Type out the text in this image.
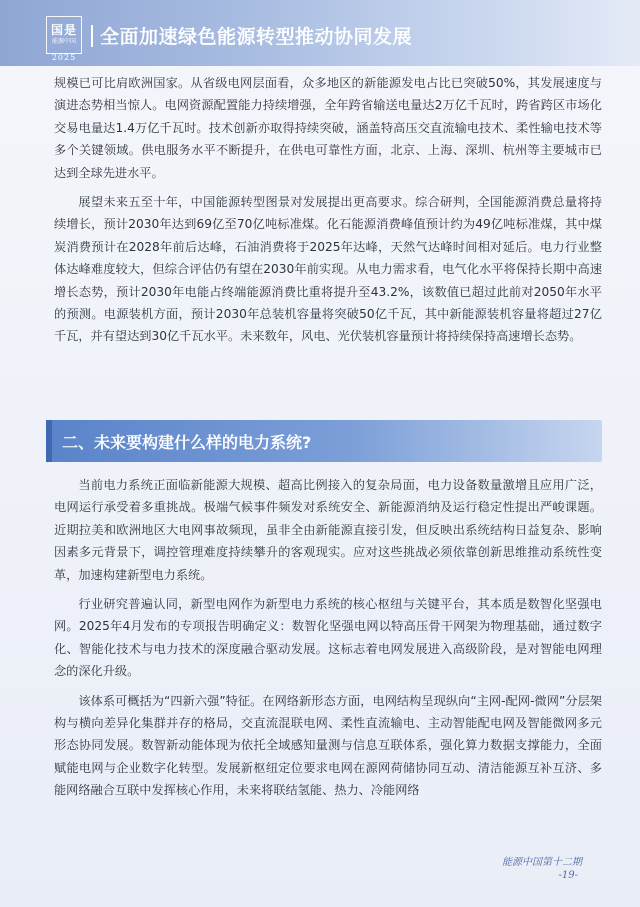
国是
能源中国
2025
全面加速绿色能源转型推动协同发展

规模已可比肩欧洲国家。从省级电网层面看，众多地区的新能源发电占比已突破50%，其发展速度与演进态势相当惊人。电网资源配置能力持续增强，全年跨省输送电量达2万亿千瓦时，跨省跨区市场化交易电量达1.4万亿千瓦时。技术创新亦取得持续突破，涵盖特高压交直流输电技术、柔性输电技术等多个关键领域。供电服务水平不断提升，在供电可靠性方面，北京、上海、深圳、杭州等主要城市已达到全球先进水平。

展望未来五至十年，中国能源转型图景对发展提出更高要求。综合研判，全国能源消费总量将持续增长，预计2030年达到69亿至70亿吨标准煤。化石能源消费峰值预计约为49亿吨标准煤，其中煤炭消费预计在2028年前后达峰，石油消费将于2025年达峰，天然气达峰时间相对延后。电力行业整体达峰难度较大，但综合评估仍有望在2030年前实现。从电力需求看，电气化水平将保持长期中高速增长态势，预计2030年电能占终端能源消费比重将提升至43.2%，该数值已超过此前对2050年水平的预测。电源装机方面，预计2030年总装机容量将突破50亿千瓦，其中新能源装机容量将超过27亿千瓦，并有望达到30亿千瓦水平。未来数年，风电、光伏装机容量预计将持续保持高速增长态势。

二、未来要构建什么样的电力系统?

当前电力系统正面临新能源大规模、超高比例接入的复杂局面，电力设备数量激增且应用广泛，电网运行承受着多重挑战。极端气候事件频发对系统安全、新能源消纳及运行稳定性提出严峻课题。近期拉美和欧洲地区大电网事故频现，虽非全由新能源直接引发，但反映出系统结构日益复杂、影响因素多元背景下，调控管理难度持续攀升的客观现实。应对这些挑战必须依靠创新思维推动系统性变革，加速构建新型电力系统。

行业研究普遍认同，新型电网作为新型电力系统的核心枢纽与关键平台，其本质是数智化坚强电网。2025年4月发布的专项报告明确定义：数智化坚强电网以特高压骨干网架为物理基础，通过数字化、智能化技术与电力技术的深度融合驱动发展。这标志着电网发展进入高级阶段，是对智能电网理念的深化升级。

该体系可概括为“四新六强”特征。在网络新形态方面，电网结构呈现纵向“主网-配网-微网”分层架构与横向差异化集群并存的格局，交直流混联电网、柔性直流输电、主动智能配电网及智能微网多元形态协同发展。数智新动能体现为依托全域感知量测与信息互联体系，强化算力数据支撑能力，全面赋能电网与企业数字化转型。发展新枢纽定位要求电网在源网荷储协同互动、清洁能源互补互济、多能网络融合互联中发挥核心作用，未来将联结氢能、热力、冷能网络

能源中国第十二期
-19-
